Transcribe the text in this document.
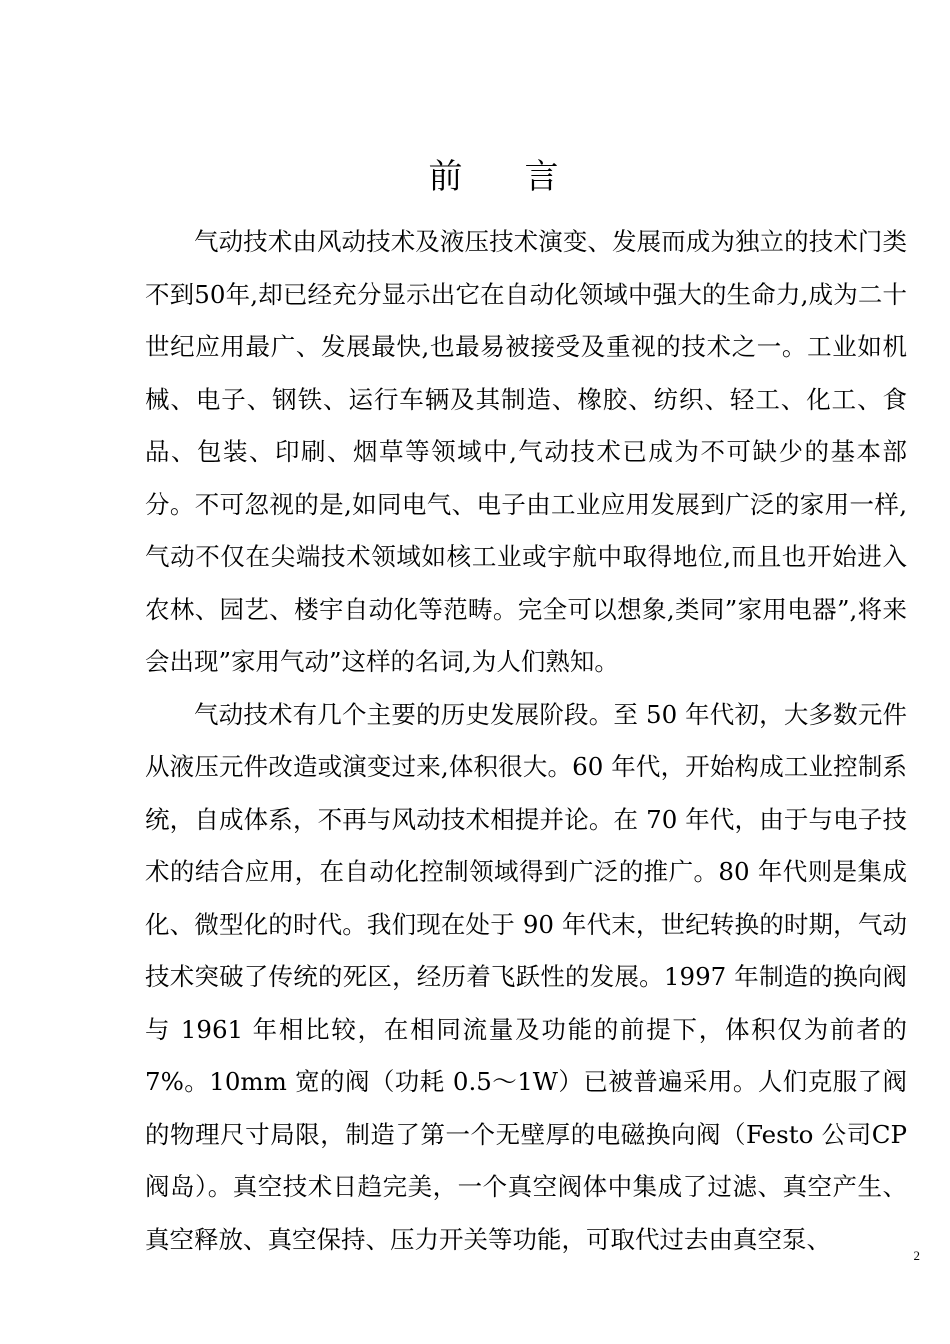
前言

气动技术由风动技术及液压技术演变、发展而成为独立的技术门类不到50年,却已经充分显示出它在自动化领域中强大的生命力,成为二十世纪应用最广、发展最快,也最易被接受及重视的技术之一。工业如机械、电子、钢铁、运行车辆及其制造、橡胶、纺织、轻工、化工、食品、包装、印刷、烟草等领域中,气动技术已成为不可缺少的基本部分。不可忽视的是,如同电气、电子由工业应用发展到广泛的家用一样,气动不仅在尖端技术领域如核工业或宇航中取得地位,而且也开始进入农林、园艺、楼宇自动化等范畴。完全可以想象,类同”家用电器”,将来会出现”家用气动”这样的名词,为人们熟知。

气动技术有几个主要的历史发展阶段。至 50 年代初，大多数元件从液压元件改造或演变过来,体积很大。60 年代，开始构成工业控制系统，自成体系，不再与风动技术相提并论。在 70 年代，由于与电子技术的结合应用，在自动化控制领域得到广泛的推广。80 年代则是集成化、微型化的时代。我们现在处于 90 年代末，世纪转换的时期，气动技术突破了传统的死区，经历着飞跃性的发展。1997 年制造的换向阀与 1961 年相比较，在相同流量及功能的前提下，体积仅为前者的 7%。10mm 宽的阀（功耗 0.5～1W）已被普遍采用。人们克服了阀的物理尺寸局限，制造了第一个无壁厚的电磁换向阀（Festo 公司CP 阀岛）。真空技术日趋完美，一个真空阀体中集成了过滤、真空产生、真空释放、真空保持、压力开关等功能，可取代过去由真空泵、

2
